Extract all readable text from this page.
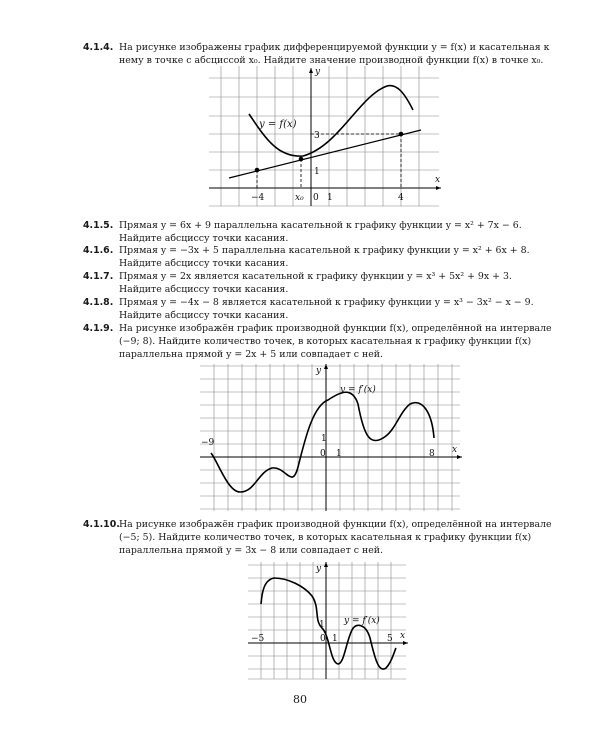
4.1.4. На рисунке изображены график дифференцируемой функции y = f(x) и касательная к нему в точке с абсциссой x₀. Найдите значение производной функции f(x) в точке x₀.
y = f(x)
x
y
−4	x₀ 0 1	4
3
1
4.1.5. Прямая y = 6x + 9 параллельна касательной к графику функции y = x² + 7x − 6. Найдите абсциссу точки касания.
4.1.6. Прямая y = −3x + 5 параллельна касательной к графику функции y = x² + 6x + 8. Найдите абсциссу точки касания.
4.1.7. Прямая y = 2x является касательной к графику функции y = x³ + 5x² + 9x + 3. Найдите абсциссу точки касания.
4.1.8. Прямая y = −4x − 8 является касательной к графику функции y = x³ − 3x² − x − 9. Найдите абсциссу точки касания.
4.1.9. На рисунке изображён график производной функции f(x), определённой на интервале (−9; 8). Найдите количество точек, в которых касательная к графику функции f(x) параллельна прямой y = 2x + 5 или совпадает с ней.
y = f′(x)
x
y
−9
0 1	8
1
4.1.10. На рисунке изображён график производной функции f(x), определённой на интервале (−5; 5). Найдите количество точек, в которых касательная к графику функции f(x) параллельна прямой y = 3x − 8 или совпадает с ней.
y = f′(x)
x
y
−5	0 1	5
1
80
